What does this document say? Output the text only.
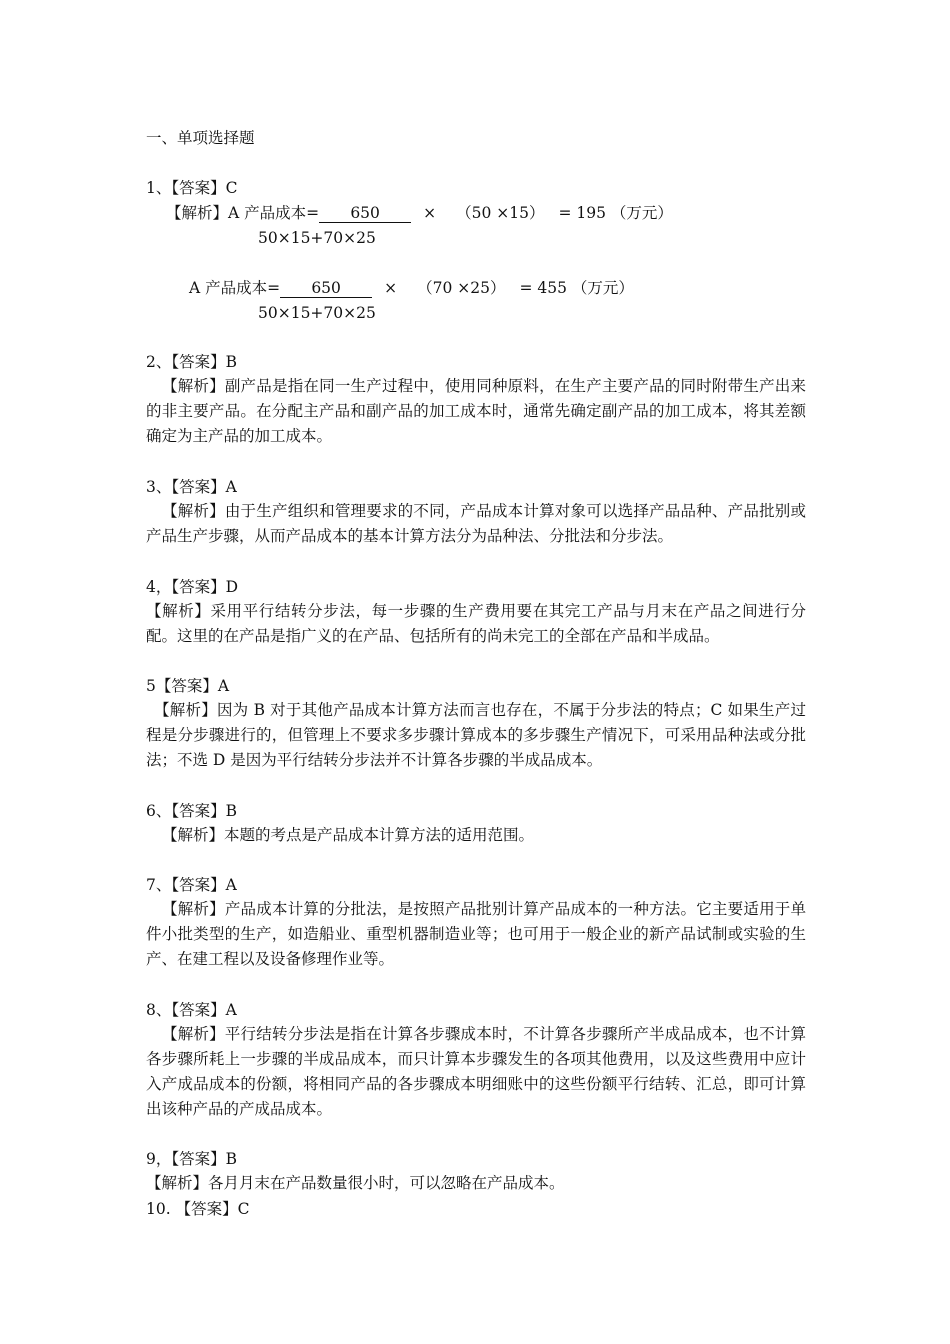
一、单项选择题
1、【答案】C
【解析】A 产品成本= 650	× （50 ×15） = 195 （万元）
50×15+70×25
A 产品成本= 650	× （70 ×25） = 455 （万元）
50×15+70×25
2、【答案】B
【解析】副产品是指在同一生产过程中，使用同种原料，在生产主要产品的同时附带生产出来的非主要产品。在分配主产品和副产品的加工成本时，通常先确定副产品的加工成本，将其差额确定为主产品的加工成本。
3、【答案】A
【解析】由于生产组织和管理要求的不同，产品成本计算对象可以选择产品品种、产品批别或产品生产步骤，从而产品成本的基本计算方法分为品种法、分批法和分步法。
4，【答案】D
【解析】采用平行结转分步法，每一步骤的生产费用要在其完工产品与月末在产品之间进行分配。这里的在产品是指广义的在产品、包括所有的尚未完工的全部在产品和半成品。
5【答案】A
【解析】因为 B 对于其他产品成本计算方法而言也存在，不属于分步法的特点；C 如果生产过程是分步骤进行的，但管理上不要求多步骤计算成本的多步骤生产情况下，可采用品种法或分批法；不选 D 是因为平行结转分步法并不计算各步骤的半成品成本。
6、【答案】B
【解析】本题的考点是产品成本计算方法的适用范围。
7、【答案】A
【解析】产品成本计算的分批法，是按照产品批别计算产品成本的一种方法。它主要适用于单件小批类型的生产，如造船业、重型机器制造业等；也可用于一般企业的新产品试制或实验的生产、在建工程以及设备修理作业等。
8、【答案】A
【解析】平行结转分步法是指在计算各步骤成本时，不计算各步骤所产半成品成本，也不计算各步骤所耗上一步骤的半成品成本，而只计算本步骤发生的各项其他费用，以及这些费用中应计入产成品成本的份额，将相同产品的各步骤成本明细账中的这些份额平行结转、汇总，即可计算出该种产品的产成品成本。
9，【答案】B
【解析】各月月末在产品数量很小时，可以忽略在产品成本。
10. 【答案】C
